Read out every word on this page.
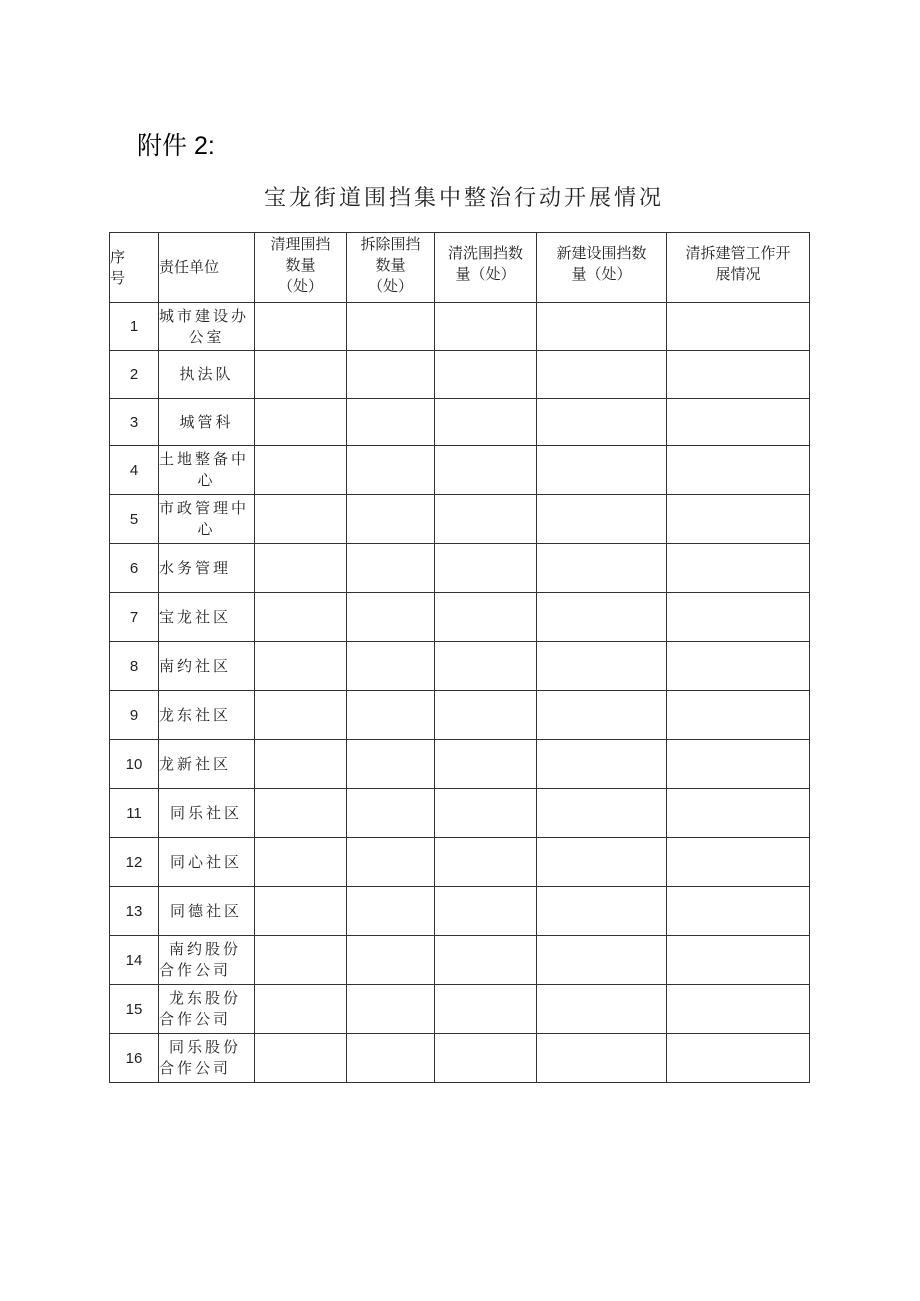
附件 2:
宝龙街道围挡集中整治行动开展情况
序
号	责任单位	清理围挡
数量
（处）	拆除围挡
数量
（处）	清洗围挡数
量（处）	新建设围挡数
量（处）	清拆建管工作开
展情况

1	城市建设办
公室					

2	执法队					
3	城管科					
4	土地整备中
心					

5	市政管理中
心					

6	水务管理					
7	宝龙社区					
8	南约社区					
9	龙东社区					
10	龙新社区					
11	同乐社区					
12	同心社区					
13	同德社区					
14	南约股份
合作公司					

15	龙东股份
合作公司					

16	同乐股份
合作公司					
